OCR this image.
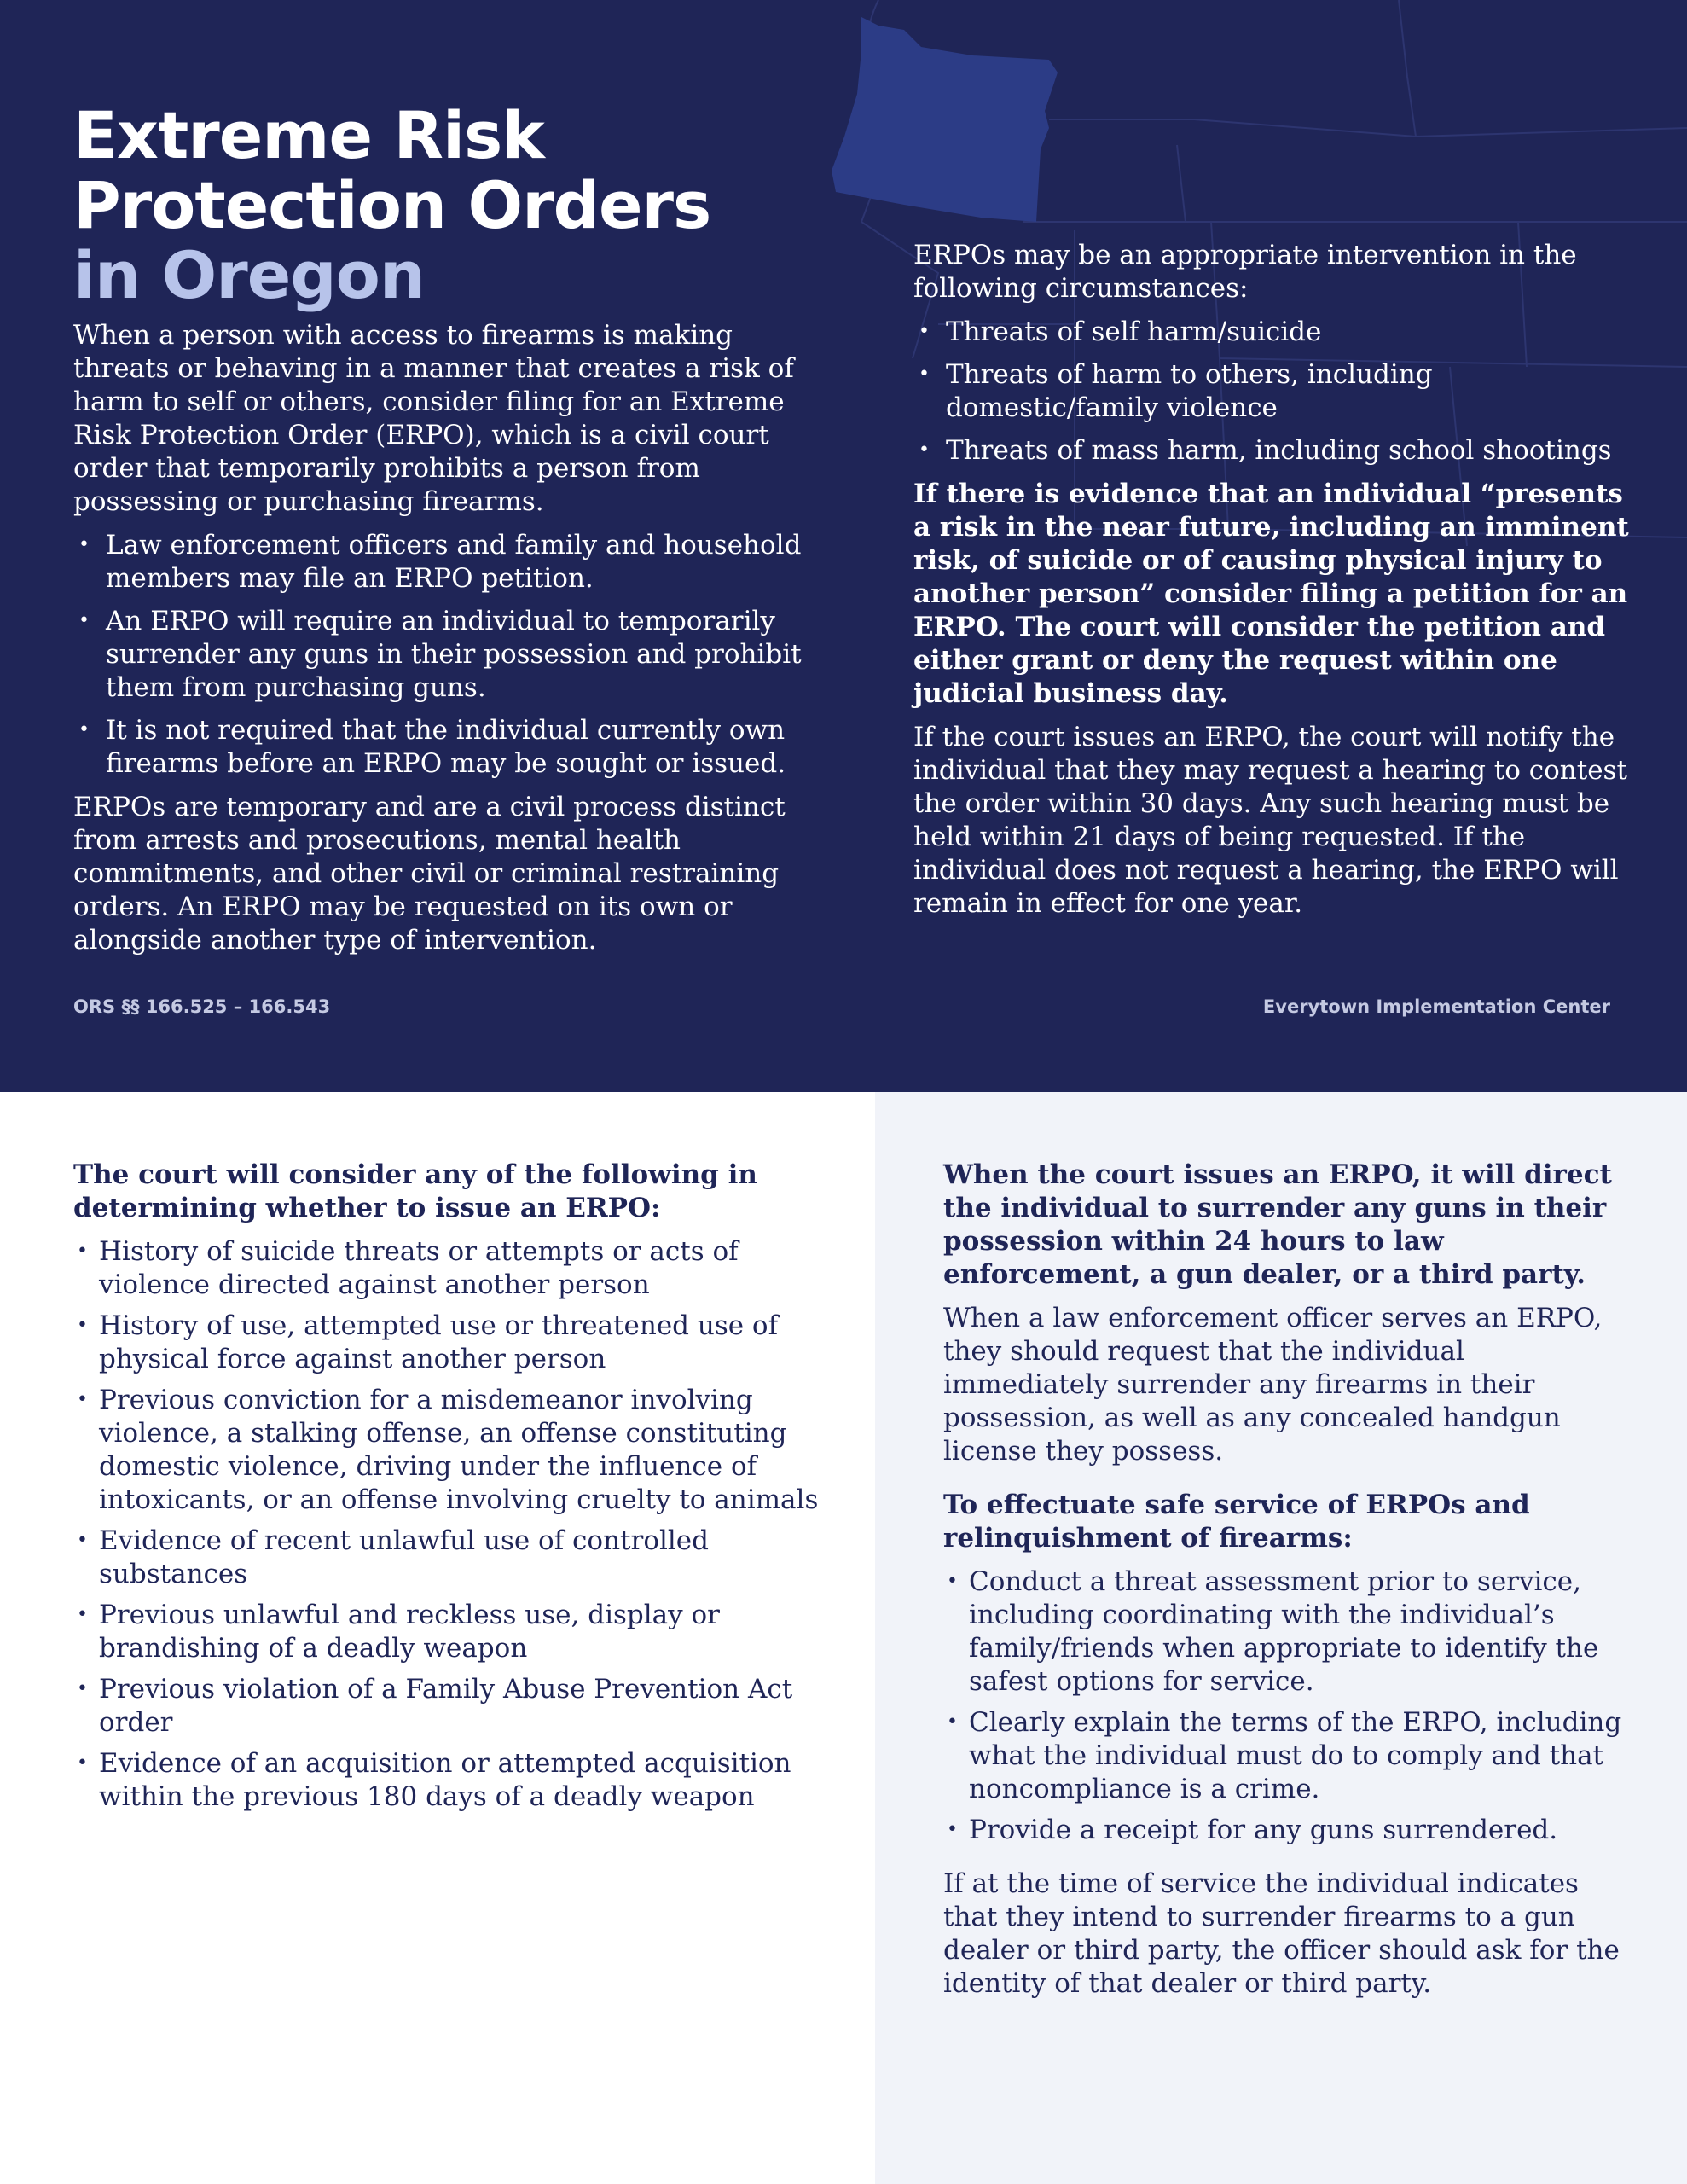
Extreme Risk
Protection Orders
in Oregon

When a person with access to firearms is making threats or behaving in a manner that creates a risk of harm to self or others, consider filing for an Extreme Risk Protection Order (ERPO), which is a civil court order that temporarily prohibits a person from possessing or purchasing firearms.

• Law enforcement officers and family and household members may file an ERPO petition.
• An ERPO will require an individual to temporarily surrender any guns in their possession and prohibit them from purchasing guns.
• It is not required that the individual currently own firearms before an ERPO may be sought or issued.

ERPOs are temporary and are a civil process distinct from arrests and prosecutions, mental health commitments, and other civil or criminal restraining orders. An ERPO may be requested on its own or alongside another type of intervention.

ERPOs may be an appropriate intervention in the following circumstances:

• Threats of self harm/suicide
• Threats of harm to others, including domestic/family violence
• Threats of mass harm, including school shootings

If there is evidence that an individual “presents a risk in the near future, including an imminent risk, of suicide or of causing physical injury to another person” consider filing a petition for an ERPO. The court will consider the petition and either grant or deny the request within one judicial business day.

If the court issues an ERPO, the court will notify the individual that they may request a hearing to contest the order within 30 days. Any such hearing must be held within 21 days of being requested. If the individual does not request a hearing, the ERPO will remain in effect for one year.

ORS §§ 166.525 – 166.543	Everytown Implementation Center

The court will consider any of the following in determining whether to issue an ERPO:

• History of suicide threats or attempts or acts of violence directed against another person
• History of use, attempted use or threatened use of physical force against another person
• Previous conviction for a misdemeanor involving violence, a stalking offense, an offense constituting domestic violence, driving under the influence of intoxicants, or an offense involving cruelty to animals
• Evidence of recent unlawful use of controlled substances
• Previous unlawful and reckless use, display or brandishing of a deadly weapon
• Previous violation of a Family Abuse Prevention Act order
• Evidence of an acquisition or attempted acquisition within the previous 180 days of a deadly weapon

When the court issues an ERPO, it will direct the individual to surrender any guns in their possession within 24 hours to law enforcement, a gun dealer, or a third party.

When a law enforcement officer serves an ERPO, they should request that the individual immediately surrender any firearms in their possession, as well as any concealed handgun license they possess.

To effectuate safe service of ERPOs and relinquishment of firearms:

• Conduct a threat assessment prior to service, including coordinating with the individual’s family/friends when appropriate to identify the safest options for service.
• Clearly explain the terms of the ERPO, including what the individual must do to comply and that noncompliance is a crime.
• Provide a receipt for any guns surrendered.

If at the time of service the individual indicates that they intend to surrender firearms to a gun dealer or third party, the officer should ask for the identity of that dealer or third party.
